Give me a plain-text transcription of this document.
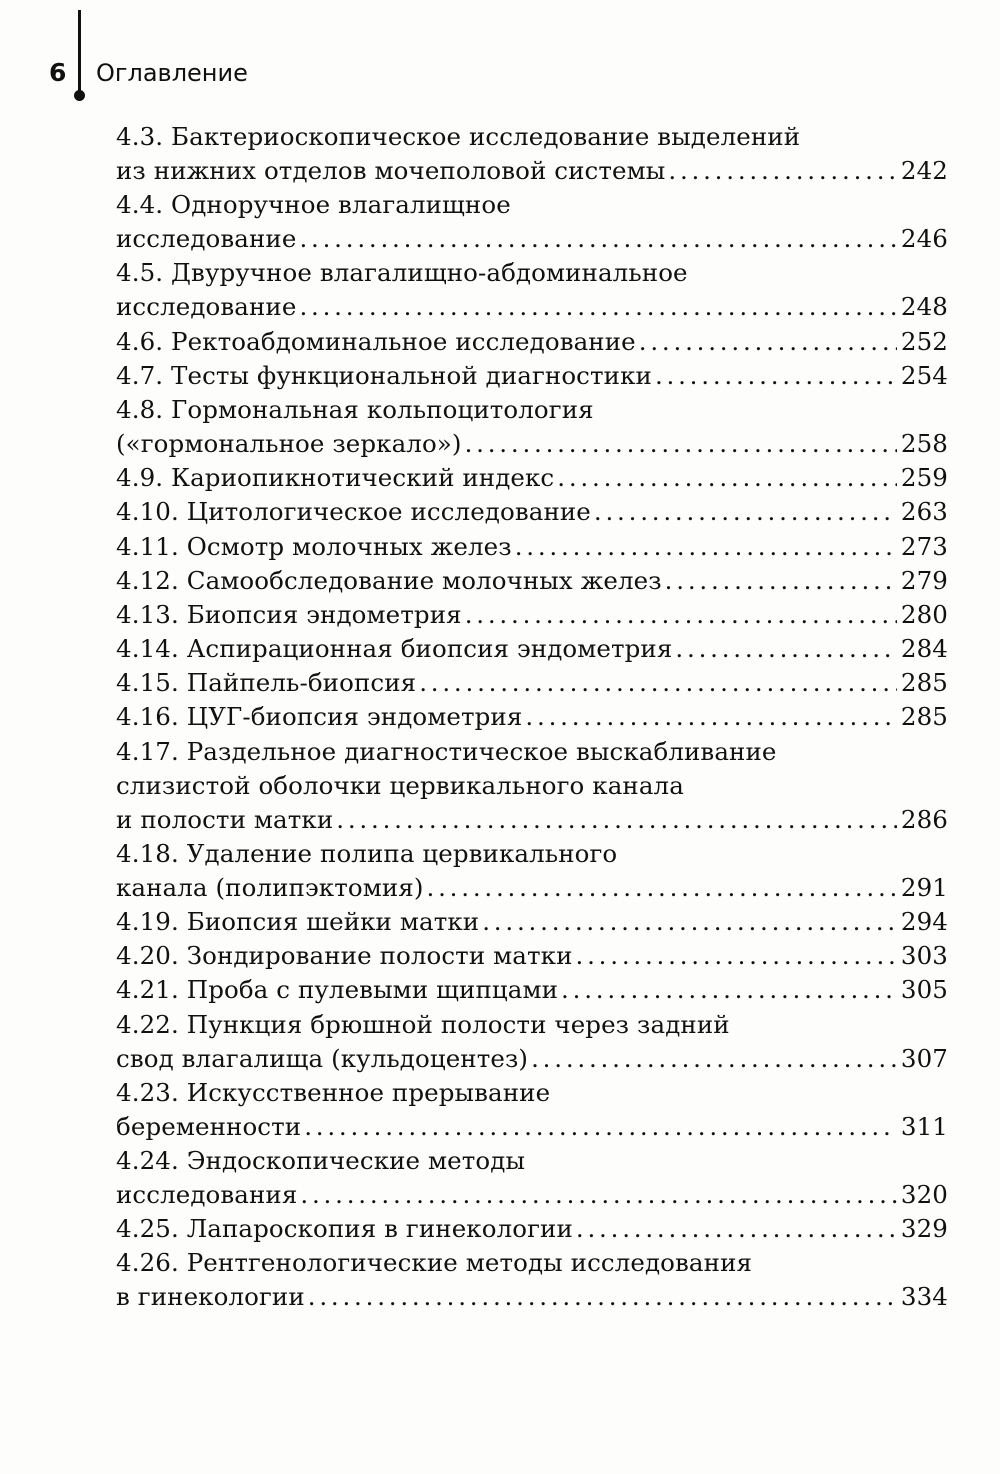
6 Оглавление
4.3. Бактериоскопическое исследование выделений
из нижних отделов мочеполовой системы . . .	242
4.4. Одноручное влагалищное
исследование . . .	246
4.5. Двуручное влагалищно-абдоминальное
исследование . . .	248
4.6. Ректоабдоминальное исследование . . .	252
4.7. Тесты функциональной диагностики . . .	254
4.8. Гормональная кольпоцитология
(«гормональное зеркало») . . .	258
4.9. Кариопикнотический индекс . . .	259
4.10. Цитологическое исследование . . .	263
4.11. Осмотр молочных желез . . .	273
4.12. Самообследование молочных желез . . .	279
4.13. Биопсия эндометрия . . .	280
4.14. Аспирационная биопсия эндометрия . . .	284
4.15. Пайпель-биопсия . . .	285
4.16. ЦУГ-биопсия эндометрия . . .	285
4.17. Раздельное диагностическое выскабливание
слизистой оболочки цервикального канала
и полости матки . . .	286
4.18. Удаление полипа цервикального
канала (полипэктомия) . . .	291
4.19. Биопсия шейки матки . . .	294
4.20. Зондирование полости матки . . .	303
4.21. Проба с пулевыми щипцами . . .	305
4.22. Пункция брюшной полости через задний
свод влагалища (кульдоцентез) . . .	307
4.23. Искусственное прерывание
беременности . . .	311
4.24. Эндоскопические методы
исследования . . .	320
4.25. Лапароскопия в гинекологии . . .	329
4.26. Рентгенологические методы исследования
в гинекологии . . .	334
